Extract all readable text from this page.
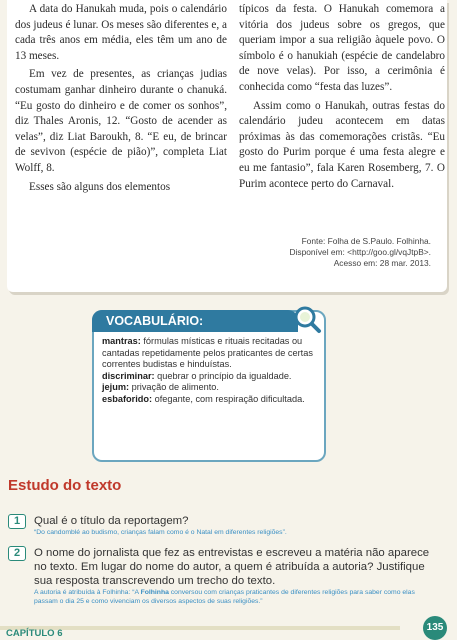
A data do Hanukah muda, pois o calendário dos judeus é lunar. Os meses são diferentes e, a cada três anos em média, eles têm um ano de 13 meses.

Em vez de presentes, as crianças judias costumam ganhar dinheiro durante o chanuká. “Eu gosto do dinheiro e de comer os sonhos”, diz Thales Aronis, 12. “Gosto de acender as velas”, diz Liat Baroukh, 8. “E eu, de brincar de sevivon (espécie de pião)”, completa Liat Wolff, 8.

Esses são alguns dos elementos

típicos da festa. O Hanukah comemora a vitória dos judeus sobre os gregos, que queriam impor a sua religião àquele povo. O símbolo é o hanukiah (espécie de candelabro de nove velas). Por isso, a cerimônia é conhecida como “festa das luzes”.

Assim como o Hanukah, outras festas do calendário judeu acontecem em datas próximas às das comemorações cristãs. “Eu gosto do Purim porque é uma festa alegre e eu me fantasio”, fala Karen Rosemberg, 7. O Purim acontece perto do Carnaval.

Fonte: Folha de S.Paulo. Folhinha.
Disponível em: <http://goo.gl/vqJtpB>.
Acesso em: 28 mar. 2013.
VOCABULÁRIO:

mantras: fórmulas místicas e rituais recitadas ou cantadas repetidamente pelos praticantes de certas correntes budistas e hinduístas.

discriminar: quebrar o princípio da igualdade.

jejum: privação de alimento.

esbaforido: ofegante, com respiração dificultada.

Estudo do texto
1	Qual é o título da reportagem?
“Do candomblé ao budismo, crianças falam como é o Natal em diferentes religiões”.
2	O nome do jornalista que fez as entrevistas e escreveu a matéria não aparece no texto. Em lugar do nome do autor, a quem é atribuída a autoria? Justifique sua resposta transcrevendo um trecho do texto.
A autoria é atribuída à Folhinha: “A Folhinha conversou com crianças praticantes de diferentes religiões para saber como elas passam o dia 25 e como vivenciam os diversos aspectos de suas religiões.”
CAPÍTULO 6
135
